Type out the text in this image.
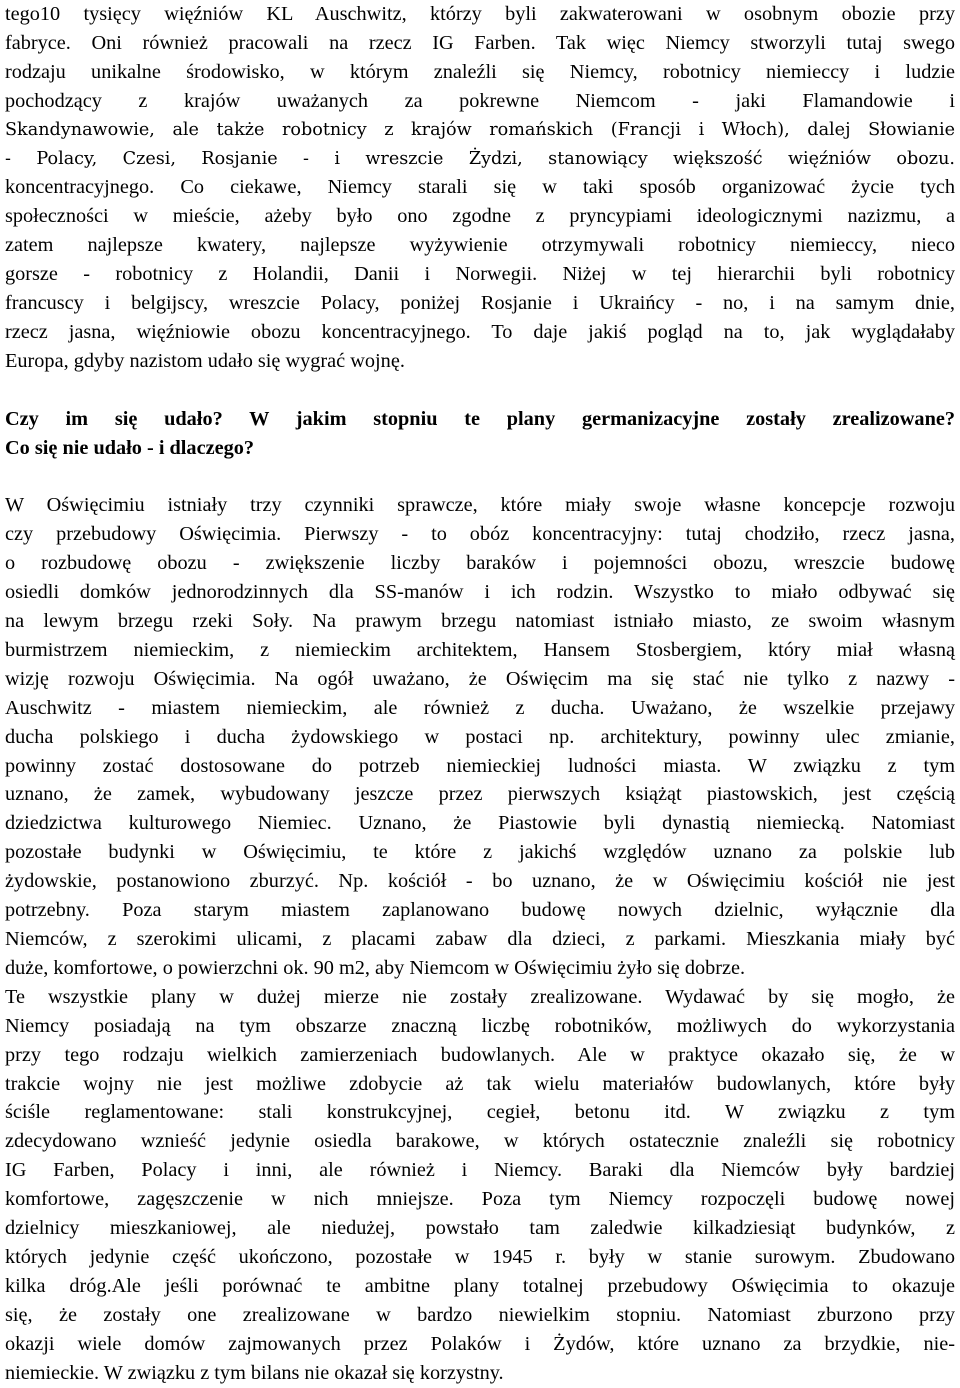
tego10 tysięcy więźniów KL Auschwitz, którzy byli zakwaterowani w osobnym obozie przy
fabryce. Oni również pracowali na rzecz IG Farben. Tak więc Niemcy stworzyli tutaj swego
rodzaju unikalne środowisko, w którym znaleźli się Niemcy, robotnicy niemieccy i ludzie
pochodzący z krajów uważanych za pokrewne Niemcom - jaki Flamandowie i
Skandynawowie, ale także robotnicy z krajów romańskich (Francji i Włoch), dalej Słowianie
- Polacy, Czesi, Rosjanie - i wreszcie Żydzi, stanowiący większość więźniów obozu.
koncentracyjnego. Co ciekawe, Niemcy starali się w taki sposób organizować życie tych
społeczności w mieście, ażeby było ono zgodne z pryncypiami ideologicznymi nazizmu, a
zatem najlepsze kwatery, najlepsze wyżywienie otrzymywali robotnicy niemieccy, nieco
gorsze - robotnicy z Holandii, Danii i Norwegii. Niżej w tej hierarchii byli robotnicy
francuscy i belgijscy, wreszcie Polacy, poniżej Rosjanie i Ukraińcy - no, i na samym dnie,
rzecz jasna, więźniowie obozu koncentracyjnego. To daje jakiś pogląd na to, jak wyglądałaby
Europa, gdyby nazistom udało się wygrać wojnę.
Czy im się udało? W jakim stopniu te plany germanizacyjne zostały zrealizowane?
Co się nie udało - i dlaczego?
W Oświęcimiu istniały trzy czynniki sprawcze, które miały swoje własne koncepcje rozwoju
czy przebudowy Oświęcimia. Pierwszy - to obóz koncentracyjny: tutaj chodziło, rzecz jasna,
o rozbudowę obozu - zwiększenie liczby baraków i pojemności obozu, wreszcie budowę
osiedli domków jednorodzinnych dla SS-manów i ich rodzin. Wszystko to miało odbywać się
na lewym brzegu rzeki Soły. Na prawym brzegu natomiast istniało miasto, ze swoim własnym
burmistrzem niemieckim, z niemieckim architektem, Hansem Stosbergiem, który miał własną
wizję rozwoju Oświęcimia. Na ogół uważano, że Oświęcim ma się stać nie tylko z nazwy -
Auschwitz - miastem niemieckim, ale również z ducha. Uważano, że wszelkie przejawy
ducha polskiego i ducha żydowskiego w postaci np. architektury, powinny ulec zmianie,
powinny zostać dostosowane do potrzeb niemieckiej ludności miasta. W związku z tym
uznano, że zamek, wybudowany jeszcze przez pierwszych książąt piastowskich, jest częścią
dziedzictwa kulturowego Niemiec. Uznano, że Piastowie byli dynastią niemiecką. Natomiast
pozostałe budynki w Oświęcimiu, te które z jakichś względów uznano za polskie lub
żydowskie, postanowiono zburzyć. Np. kościół - bo uznano, że w Oświęcimiu kościół nie jest
potrzebny. Poza starym miastem zaplanowano budowę nowych dzielnic, wyłącznie dla
Niemców, z szerokimi ulicami, z placami zabaw dla dzieci, z parkami. Mieszkania miały być
duże, komfortowe, o powierzchni ok. 90 m2, aby Niemcom w Oświęcimiu żyło się dobrze.
Te wszystkie plany w dużej mierze nie zostały zrealizowane. Wydawać by się mogło, że
Niemcy posiadają na tym obszarze znaczną liczbę robotników, możliwych do wykorzystania
przy tego rodzaju wielkich zamierzeniach budowlanych. Ale w praktyce okazało się, że w
trakcie wojny nie jest możliwe zdobycie aż tak wielu materiałów budowlanych, które były
ściśle reglamentowane: stali konstrukcyjnej, cegieł, betonu itd. W związku z tym
zdecydowano wznieść jedynie osiedla barakowe, w których ostatecznie znaleźli się robotnicy
IG Farben, Polacy i inni, ale również i Niemcy. Baraki dla Niemców były bardziej
komfortowe, zagęszczenie w nich mniejsze. Poza tym Niemcy rozpoczęli budowę nowej
dzielnicy mieszkaniowej, ale niedużej, powstało tam zaledwie kilkadziesiąt budynków, z
których jedynie część ukończono, pozostałe w 1945 r. były w stanie surowym. Zbudowano
kilka dróg.Ale jeśli porównać te ambitne plany totalnej przebudowy Oświęcimia to okazuje
się, że zostały one zrealizowane w bardzo niewielkim stopniu. Natomiast zburzono przy
okazji wiele domów zajmowanych przez Polaków i Żydów, które uznano za brzydkie, nie-
niemieckie. W związku z tym bilans nie okazał się korzystny.
